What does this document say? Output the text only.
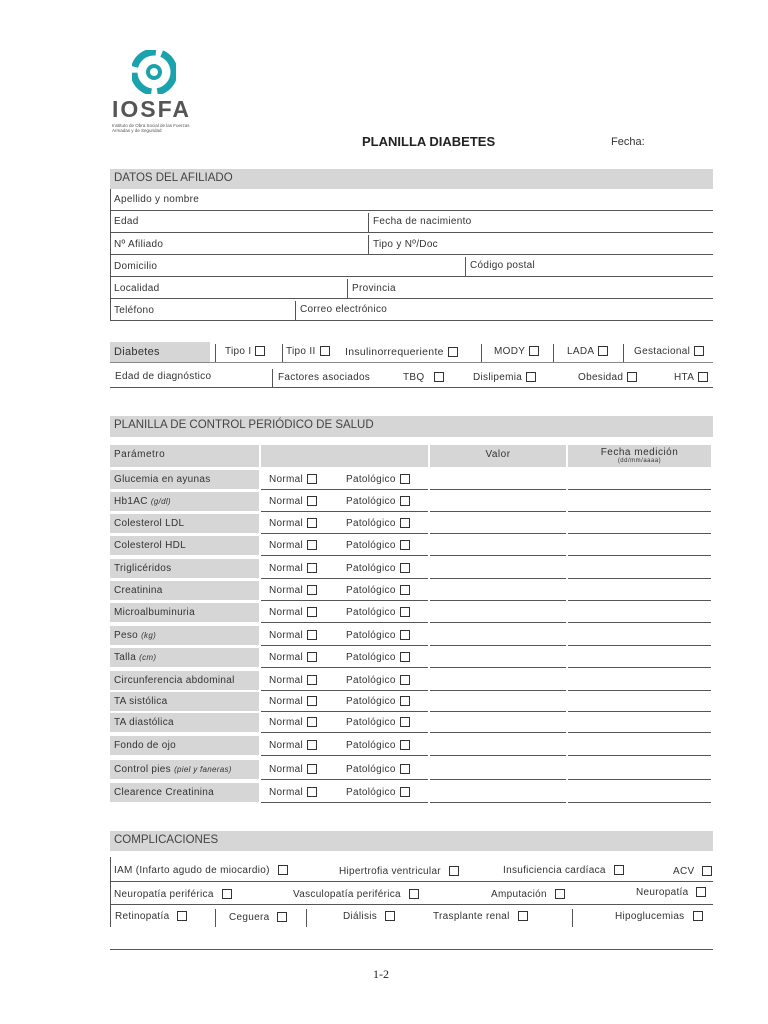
IOSFA
Instituto de Obra Social de las Fuerzas Armadas y de Seguridad
PLANILLA DIABETES	Fecha:
DATOS DEL AFILIADO
Apellido y nombre
Edad	Fecha de nacimiento
Nº Afiliado	Tipo y Nº/Doc
Domicilio	Código postal
Localidad	Provincia
Teléfono	Correo electrónico
Diabetes	Tipo I	Tipo II	Insulinorrequeriente	MODY	LADA	Gestacional
Edad de diagnóstico	Factores asociados	TBQ	Dislipemia	Obesidad	HTA
PLANILLA DE CONTROL PERIÓDICO DE SALUD
Parámetro	Valor	Fecha medición
(dd/mm/aaaa)
Glucemia en ayunas	Normal	Patológico
Hb1AC (g/dl)	Normal	Patológico
Colesterol LDL	Normal	Patológico
Colesterol HDL	Normal	Patológico
Triglicéridos	Normal	Patológico
Creatinina	Normal	Patológico
Microalbuminuria	Normal	Patológico
Peso (kg)	Normal	Patológico
Talla (cm)	Normal	Patológico
Circunferencia abdominal	Normal	Patológico
TA sistólica	Normal	Patológico
TA diastólica	Normal	Patológico
Fondo de ojo	Normal	Patológico
Control pies (piel y faneras)	Normal	Patológico
Clearence Creatinina	Normal	Patológico
COMPLICACIONES
IAM (Infarto agudo de miocardio)	Hipertrofia ventricular	Insuficiencia cardíaca	ACV
Neuropatía periférica	Vasculopatía periférica	Amputación	Neuropatía
Retinopatía	Ceguera	Diálisis	Trasplante renal	Hipoglucemias
1-2
